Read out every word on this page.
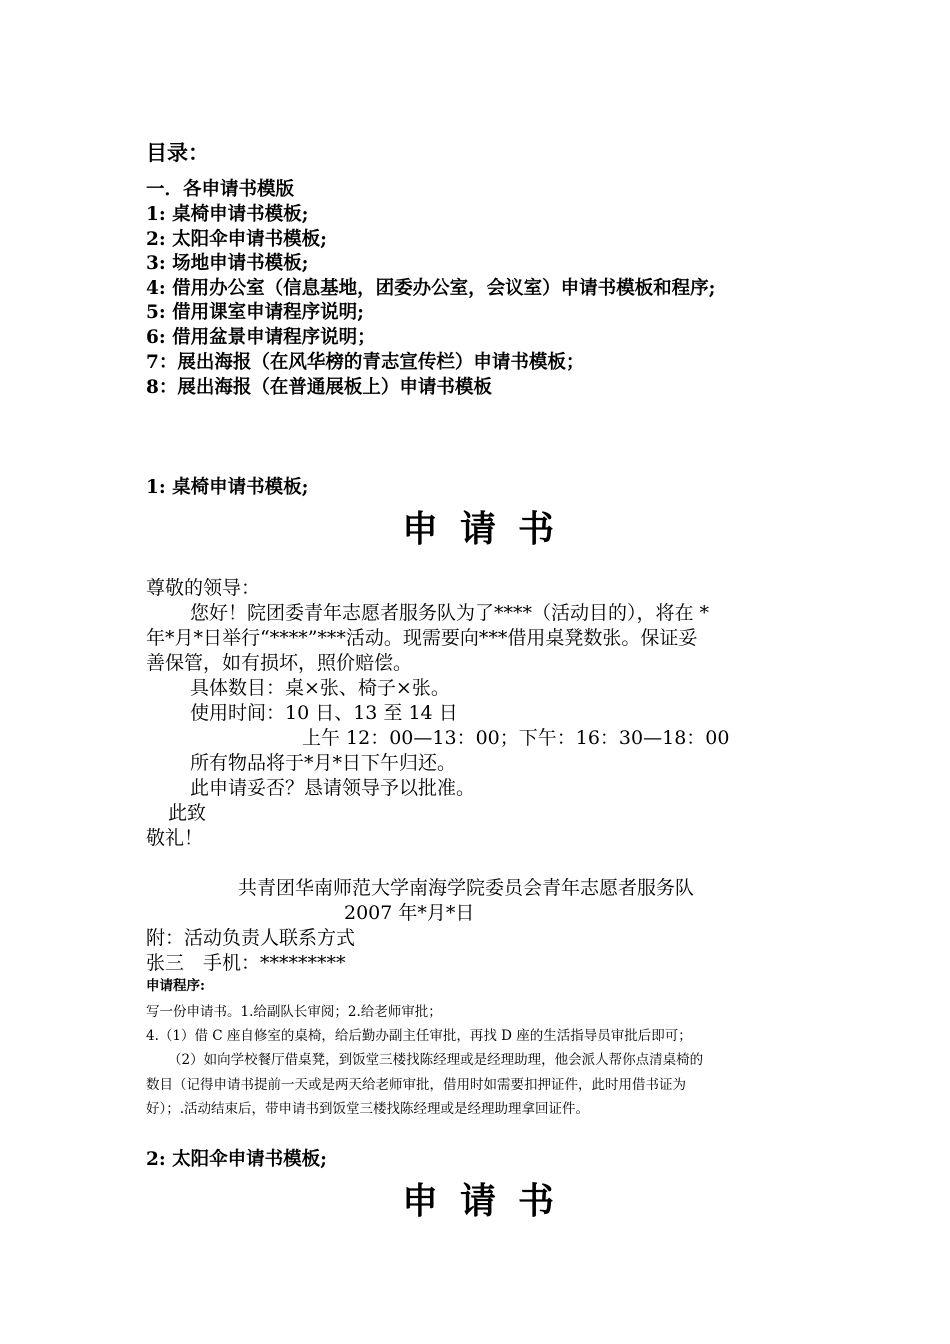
目录：
一．各申请书模版
1: 桌椅申请书模板;
2: 太阳伞申请书模板;
3: 场地申请书模板;
4: 借用办公室（信息基地，团委办公室，会议室）申请书模板和程序;
5: 借用课室申请程序说明;
6: 借用盆景申请程序说明；
7：展出海报（在风华榜的青志宣传栏）申请书模板；
8：展出海报（在普通展板上）申请书模板
1: 桌椅申请书模板;
申请书
尊敬的领导：
您好！院团委青年志愿者服务队为了****（活动目的），将在 *
年*月*日举行“****”***活动。现需要向***借用桌凳数张。保证妥
善保管，如有损坏，照价赔偿。
具体数目：桌×张、椅子×张。
使用时间：10 日、13 至 14 日
上午 12：00—13：00；下午：16：30—18：00
所有物品将于*月*日下午归还。
此申请妥否？恳请领导予以批准。
此致
敬礼！
共青团华南师范大学南海学院委员会青年志愿者服务队
2007 年*月*日
附：活动负责人联系方式
张三　手机：*********
申请程序:
写一份申请书。1.给副队长审阅；2.给老师审批；
4.（1）借 C 座自修室的桌椅，给后勤办副主任审批，再找 D 座的生活指导员审批后即可；
（2）如向学校餐厅借桌凳，到饭堂三楼找陈经理或是经理助理，他会派人帮你点清桌椅的
数目（记得申请书提前一天或是两天给老师审批，借用时如需要扣押证件，此时用借书证为
好）；.活动结束后，带申请书到饭堂三楼找陈经理或是经理助理拿回证件。
2: 太阳伞申请书模板;
申请书
